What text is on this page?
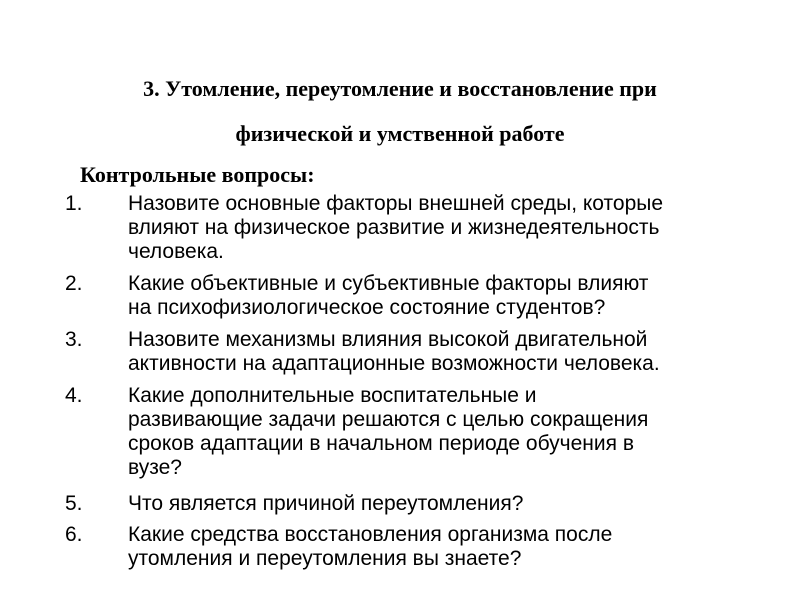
3. Утомление, переутомление и восстановление при
физической и умственной работе
Контрольные вопросы:
1. Назовите основные факторы внешней среды, которые
влияют на физическое развитие и жизнедеятельность
человека.
2. Какие объективные и субъективные факторы влияют
на психофизиологическое состояние студентов?
3. Назовите механизмы влияния высокой двигательной
активности на адаптационные возможности человека.
4. Какие дополнительные воспитательные и
развивающие задачи решаются с целью сокращения
сроков адаптации в начальном периоде обучения в
вузе?
5. Что является причиной переутомления?
6. Какие средства восстановления организма после
утомления и переутомления вы знаете?
